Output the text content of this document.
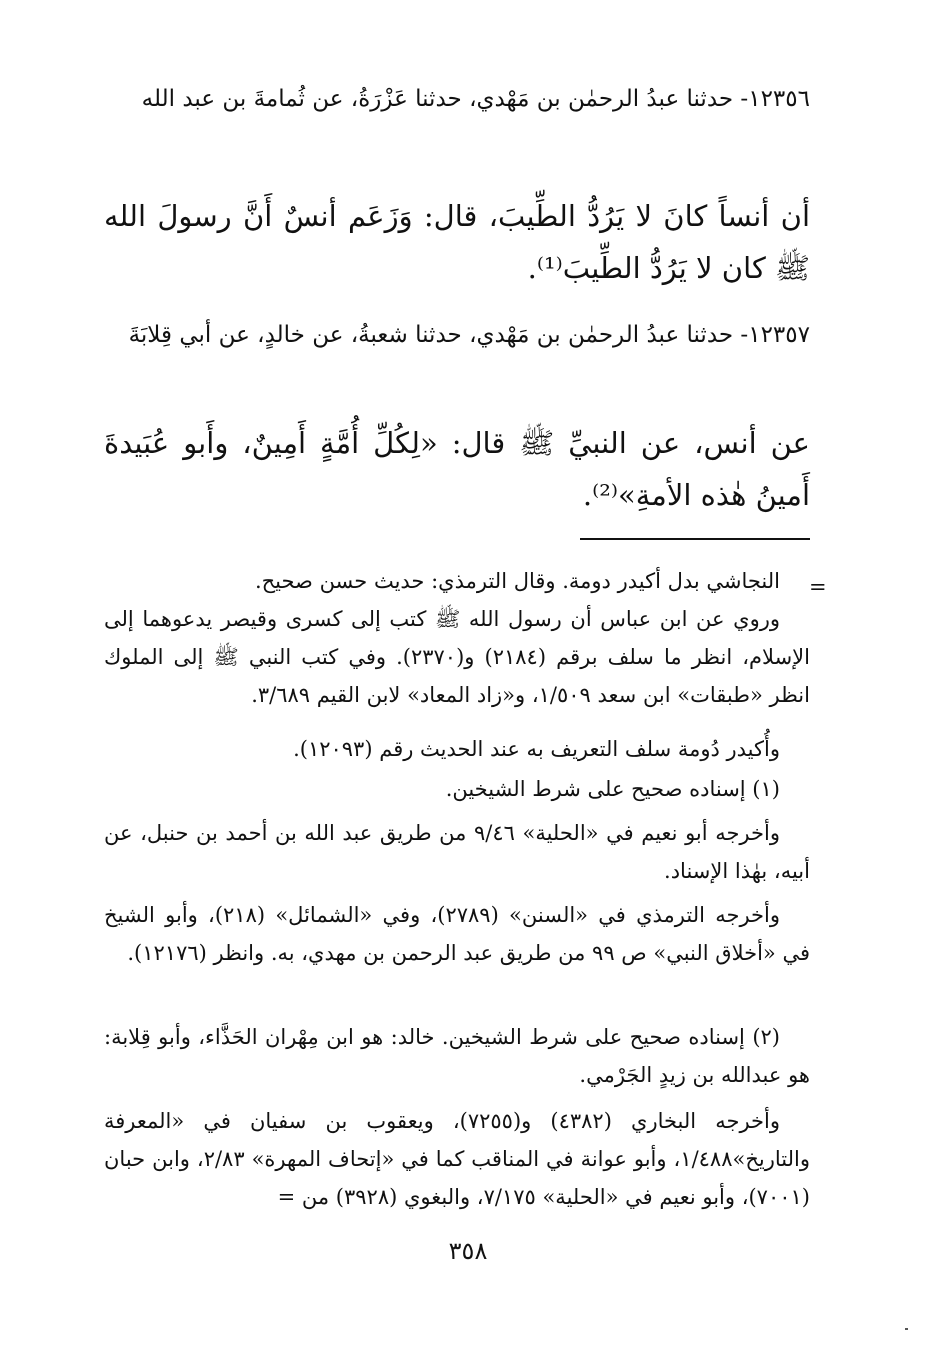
١٢٣٥٦- حدثنا عبدُ الرحمٰن بن مَهْدي، حدثنا عَزْرَةُ، عن ثُمامةَ بن عبد الله

أن أنساً كانَ لا يَرُدُّ الطِّيبَ، قال: وَزَعَم أنسٌ أَنَّ رسولَ الله ﷺ كان لا يَرُدُّ الطِّيبَ⁽¹⁾.

١٢٣٥٧- حدثنا عبدُ الرحمٰن بن مَهْدي، حدثنا شعبةُ، عن خالدٍ، عن أبي قِلابَةَ

عن أنس، عن النبيِّ ﷺ قال: «لِكُلِّ أُمَّةٍ أَمِينٌ، وأَبو عُبَيدةَ أَمينُ هٰذه الأمةِ»⁽²⁾.

=

النجاشي بدل أكيدر دومة. وقال الترمذي: حديث حسن صحيح.

وروي عن ابن عباس أن رسول الله ﷺ كتب إلى كسرى وقيصر يدعوهما إلى الإسلام، انظر ما سلف برقم (٢١٨٤) و(٢٣٧٠). وفي كتب النبي ﷺ إلى الملوك انظر «طبقات» ابن سعد ١/٥٠٩، و«زاد المعاد» لابن القيم ٣/٦٨٩.

وأُكيدر دُومة سلف التعريف به عند الحديث رقم (١٢٠٩٣).

(١) إسناده صحيح على شرط الشيخين.

وأخرجه أبو نعيم في «الحلية» ٩/٤٦ من طريق عبد الله بن أحمد بن حنبل، عن أبيه، بهٰذا الإسناد.

وأخرجه الترمذي في «السنن» (٢٧٨٩)، وفي «الشمائل» (٢١٨)، وأبو الشيخ في «أخلاق النبي» ص ٩٩ من طريق عبد الرحمن بن مهدي، به. وانظر (١٢١٧٦).

(٢) إسناده صحيح على شرط الشيخين. خالد: هو ابن مِهْران الحَذَّاء، وأبو قِلابة: هو عبدالله بن زيدٍ الجَرْمي.

وأخرجه البخاري (٤٣٨٢) و(٧٢٥٥)، ويعقوب بن سفيان في «المعرفة والتاريخ»١/٤٨٨، وأبو عوانة في المناقب كما في «إتحاف المهرة» ٢/٨٣، وابن حبان (٧٠٠١)، وأبو نعيم في «الحلية» ٧/١٧٥، والبغوي (٣٩٢٨) من =

٣٥٨
